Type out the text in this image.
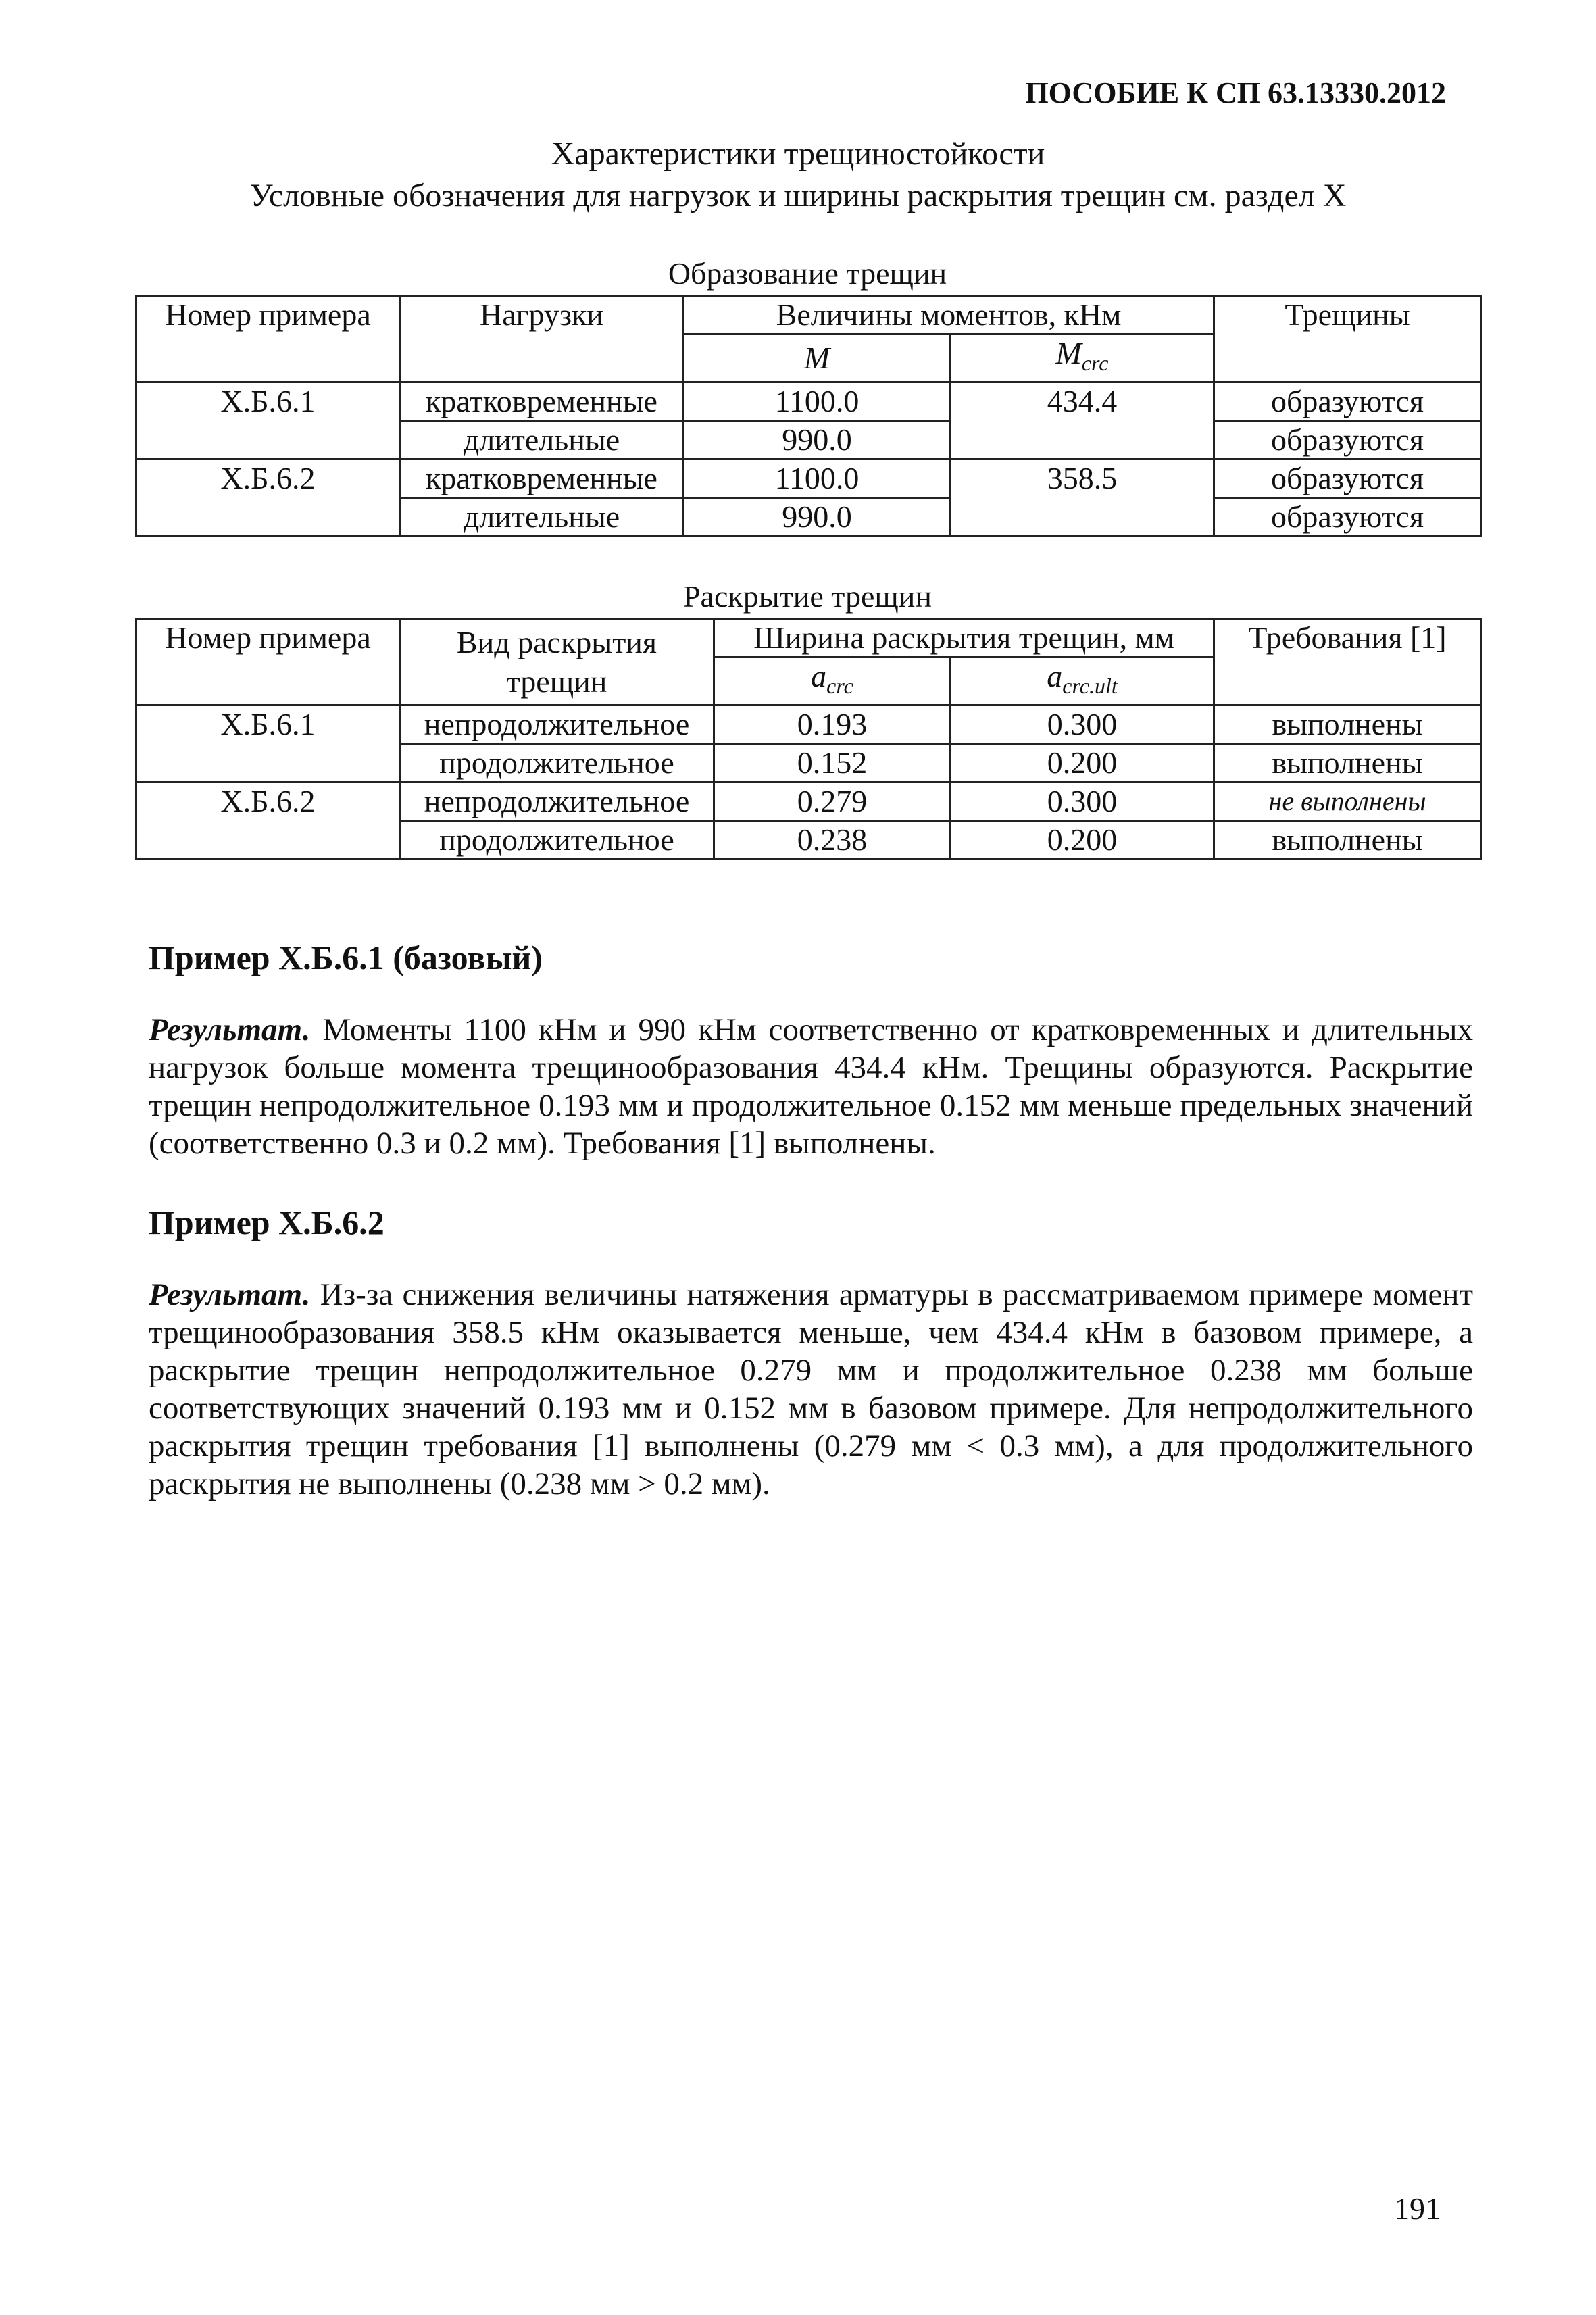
ПОСОБИЕ К СП 63.13330.2012
Характеристики трещиностойкости
Условные обозначения для нагрузок и ширины раскрытия трещин см. раздел X
Образование трещин
Номер примера	Нагрузки	Величины моментов, кНм		Трещины
		M	$M_{crc}$
X.Б.6.1	кратковременные	1100.0	434.4	образуются
	длительные	990.0		образуются
X.Б.6.2	кратковременные	1100.0	358.5	образуются
	длительные	990.0		образуются
Раскрытие трещин
Номер примера	Вид раскрытия трещин	Ширина раскрытия трещин, мм		Требования [1]
		$a_{crc}$	$a_{crc.ult}$
X.Б.6.1	непродолжительное	0.193	0.300	выполнены
	продолжительное	0.152	0.200	выполнены
X.Б.6.2	непродолжительное	0.279	0.300	не выполнены
	продолжительное	0.238	0.200	выполнены
Пример X.Б.6.1 (базовый)

Результат. Моменты 1100 кНм и 990 кНм соответственно от кратковременных и длительных нагрузок больше момента трещинообразования 434.4 кНм. Трещины образуются. Раскрытие трещин непродолжительное 0.193 мм и продолжительное 0.152 мм меньше предельных значений (соответственно 0.3 и 0.2 мм). Требования [1] выполнены.

Пример X.Б.6.2

Результат. Из-за снижения величины натяжения арматуры в рассматриваемом примере момент трещинообразования 358.5 кНм оказывается меньше, чем 434.4 кНм в базовом примере, а раскрытие трещин непродолжительное 0.279 мм и продолжительное 0.238 мм больше соответствующих значений 0.193 мм и 0.152 мм в базовом примере. Для непродолжительного раскрытия трещин требования [1] выполнены (0.279 мм < 0.3 мм), а для продолжительного раскрытия не выполнены (0.238 мм > 0.2 мм).

191
